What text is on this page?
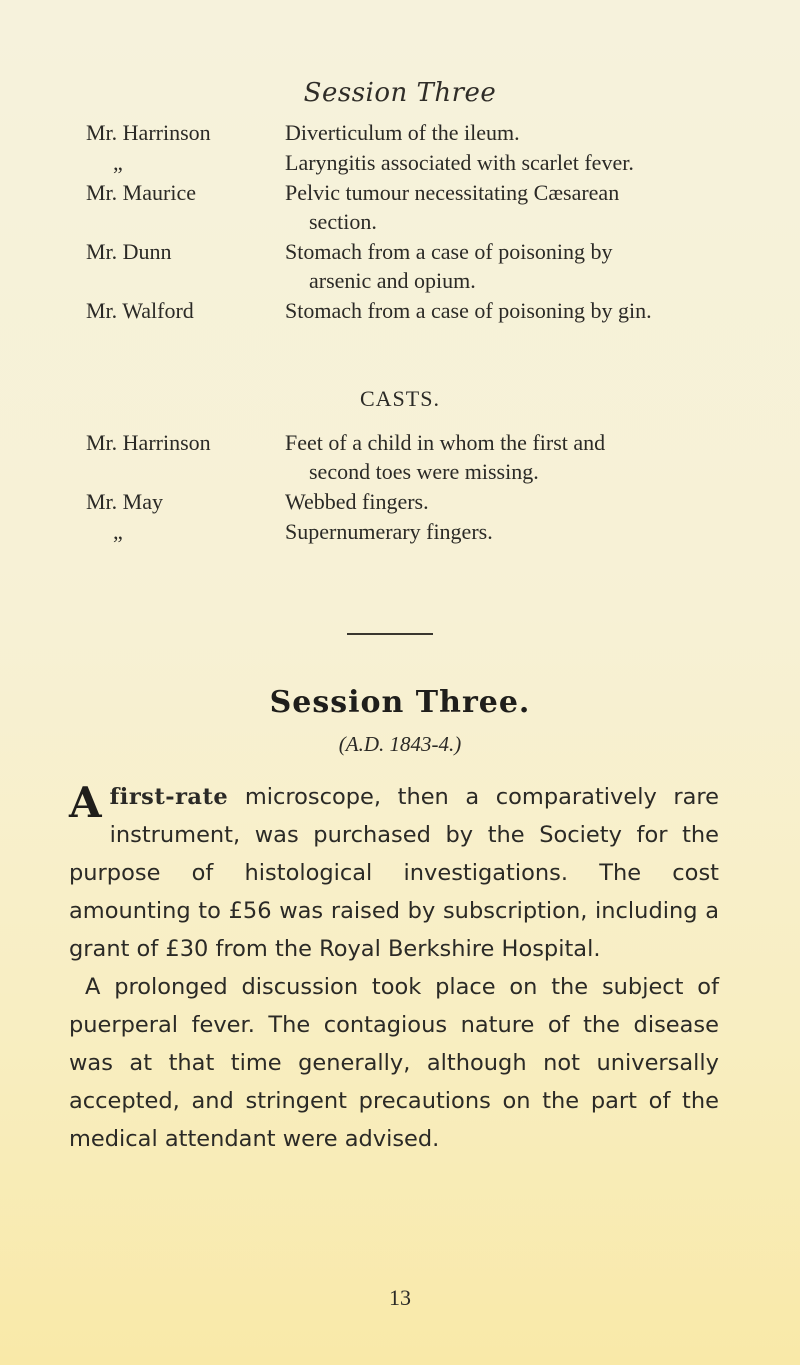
Session Three
Mr. Harrinson	Diverticulum of the ileum.
„	Laryngitis associated with scarlet fever.
Mr. Maurice	Pelvic tumour necessitating Cæsarean
section.
Mr. Dunn	Stomach from a case of poisoning by
arsenic and opium.
Mr. Walford	Stomach from a case of poisoning by gin.
CASTS.
Mr. Harrinson	Feet of a child in whom the first and
second toes were missing.
Mr. May	Webbed fingers.
„	Supernumerary fingers.
Session Three.
(A.D. 1843-4.)

Afirst-rate microscope, then a comparatively rare instrument, was purchased by the Society for the purpose of histological investigations. The cost amounting to £56 was raised by subscription, including a grant of £30 from the Royal Berkshire Hospital.

A prolonged discussion took place on the subject of puerperal fever. The contagious nature of the disease was at that time generally, although not universally accepted, and stringent precautions on the part of the medical attendant were advised.

13
